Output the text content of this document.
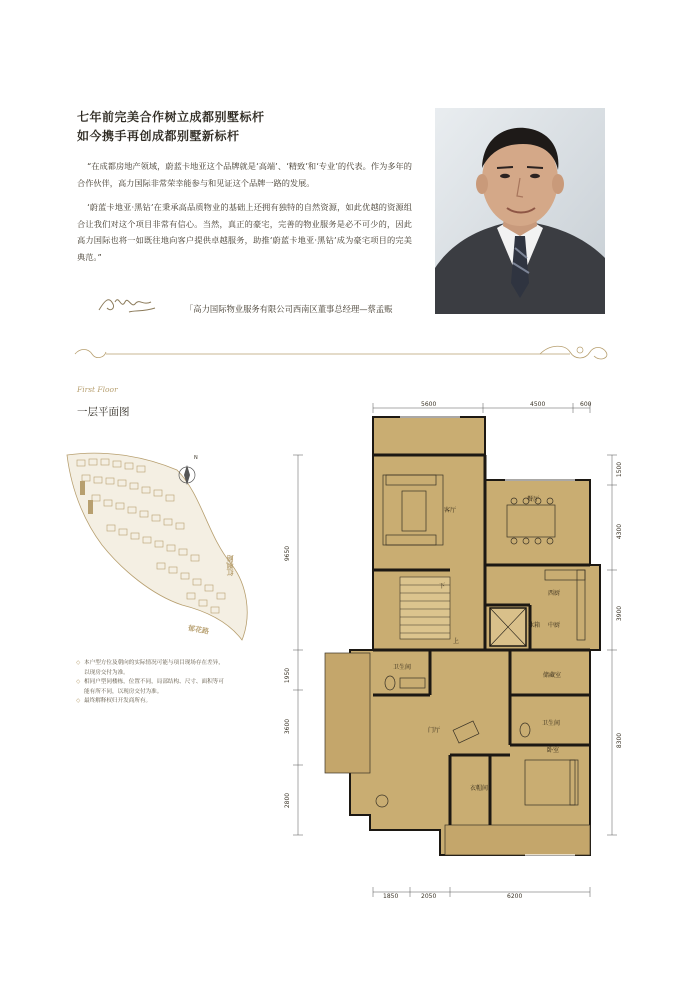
七年前完美合作树立成都别墅标杆
如今携手再创成都别墅新标杆

“在成都房地产领域，蔚蓝卡地亚这个品牌就是‘高端’、‘精致’和‘专业’的代表。作为多年的合作伙伴，高力国际非常荣幸能参与和见证这个品牌一路的发展。

‘蔚蓝卡地亚·黑钻’在秉承高品质物业的基础上还拥有独特的自然资源，如此优越的资源组合让我们对这个项目非常有信心。当然，真正的豪宅，完善的物业服务是必不可少的，因此高力国际也将一如既往地向客户提供卓越服务，助推‘蔚蓝卡地亚·黑钻’成为豪宅项目的完美典范。”

「高力国际物业服务有限公司西南区董事总经理—蔡孟赈
First Floor
一层平面图
N
红枫路
郁花路
◇ 本户型方位及朝向的实际情况可能与项目现场存在差异，以现房交付为准。
◇ 相同户型同楼栋，位置不同，局部结构、尺寸、面积等可能有所不同，以现房交付为准。
◇ 最终解释权归开发商所有。
5600	4500	600
1850	2050	6200
9650
1950
3600
2800
1500
4300
3900
8300
客厅
餐厅
西厨
中厨
冰箱
卫生间
储藏室
卫生间
门厅
卧室
衣帽间
下
上
